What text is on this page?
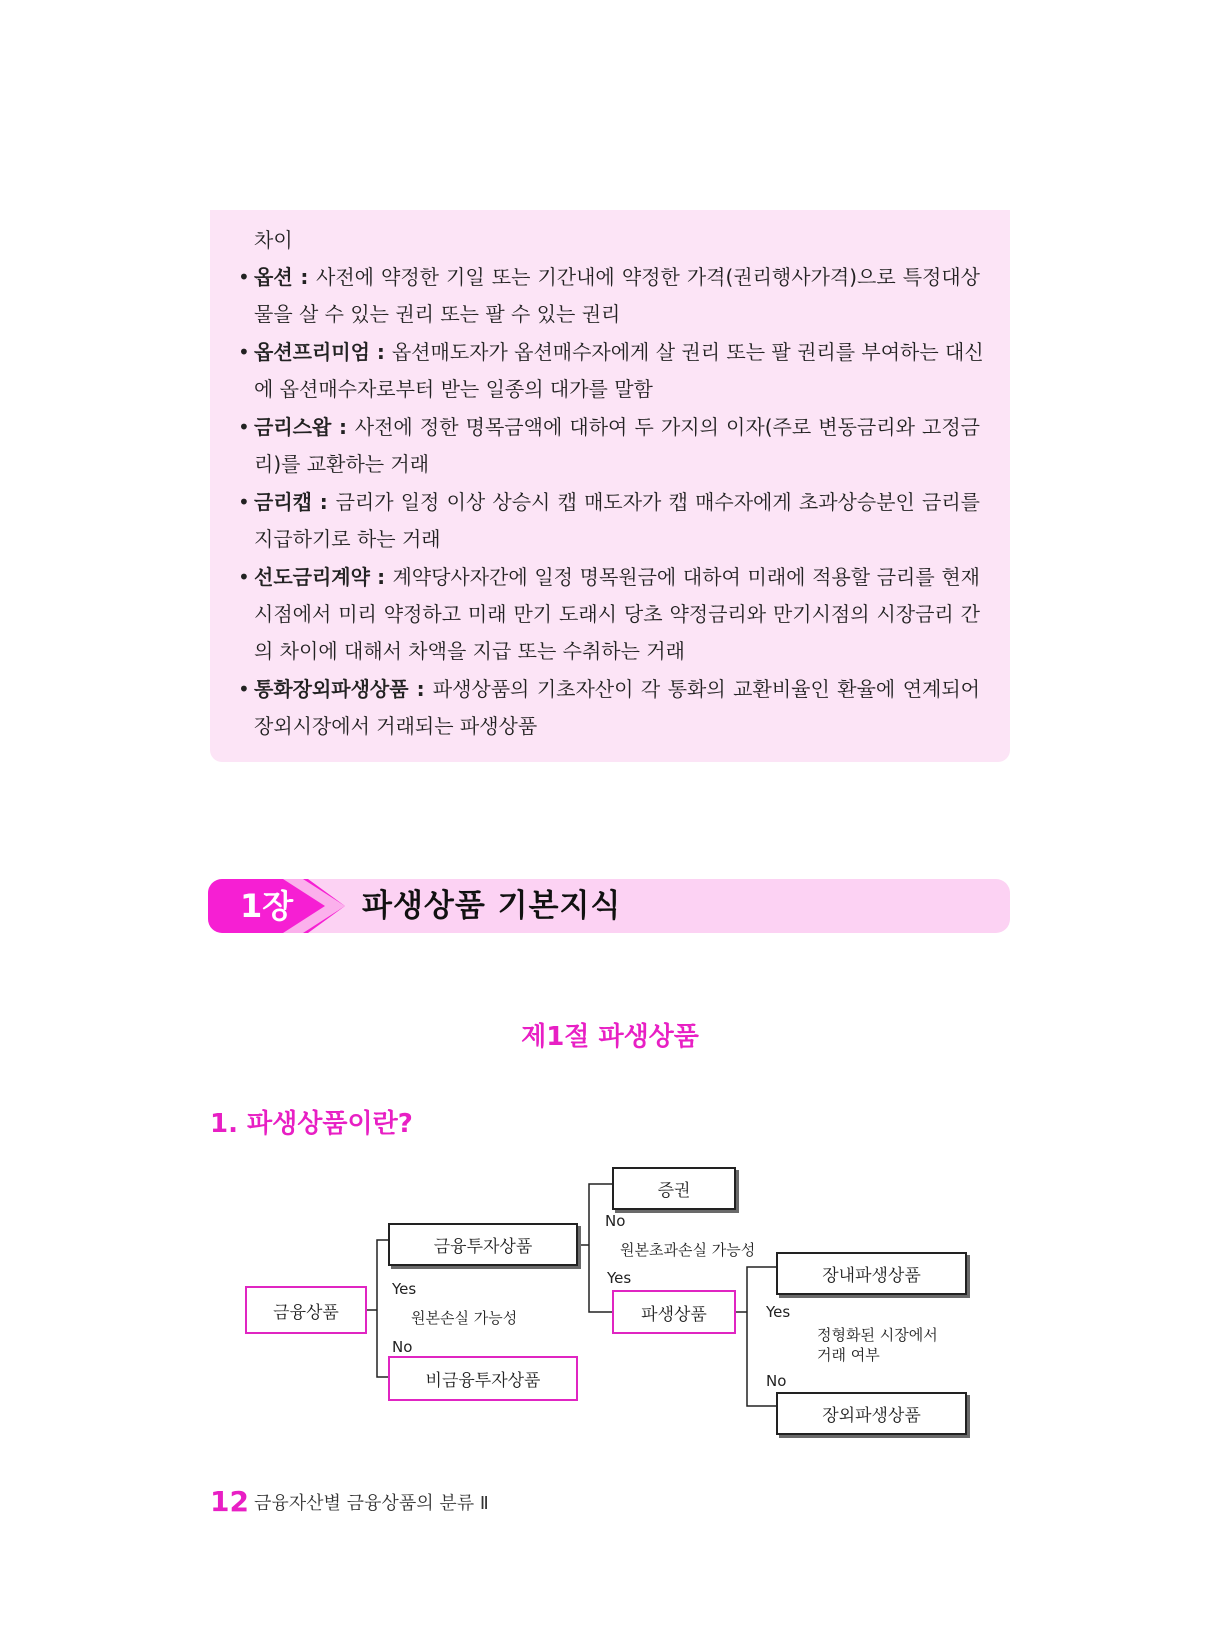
차이
• 옵션 : 사전에 약정한 기일 또는 기간내에 약정한 가격(권리행사가격)으로 특정대상
물을 살 수 있는 권리 또는 팔 수 있는 권리
• 옵션프리미엄 : 옵션매도자가 옵션매수자에게 살 권리 또는 팔 권리를 부여하는 대신
에 옵션매수자로부터 받는 일종의 대가를 말함
• 금리스왑 : 사전에 정한 명목금액에 대하여 두 가지의 이자(주로 변동금리와 고정금
리)를 교환하는 거래
• 금리캡 : 금리가 일정 이상 상승시 캡 매도자가 캡 매수자에게 초과상승분인 금리를
지급하기로 하는 거래
• 선도금리계약 : 계약당사자간에 일정 명목원금에 대하여 미래에 적용할 금리를 현재
시점에서 미리 약정하고 미래 만기 도래시 당초 약정금리와 만기시점의 시장금리 간
의 차이에 대해서 차액을 지급 또는 수취하는 거래
• 통화장외파생상품 : 파생상품의 기초자산이 각 통화의 교환비율인 환율에 연계되어
장외시장에서 거래되는 파생상품
1장 파생상품 기본지식
제1절 파생상품
1. 파생상품이란?
금융상품
금융투자상품
비금융투자상품
증권
파생상품
장내파생상품
장외파생상품
Yes
원본손실 가능성
No
No
원본초과손실 가능성
Yes
Yes
정형화된 시장에서
거래 여부
No
12 금융자산별 금융상품의 분류 Ⅱ
